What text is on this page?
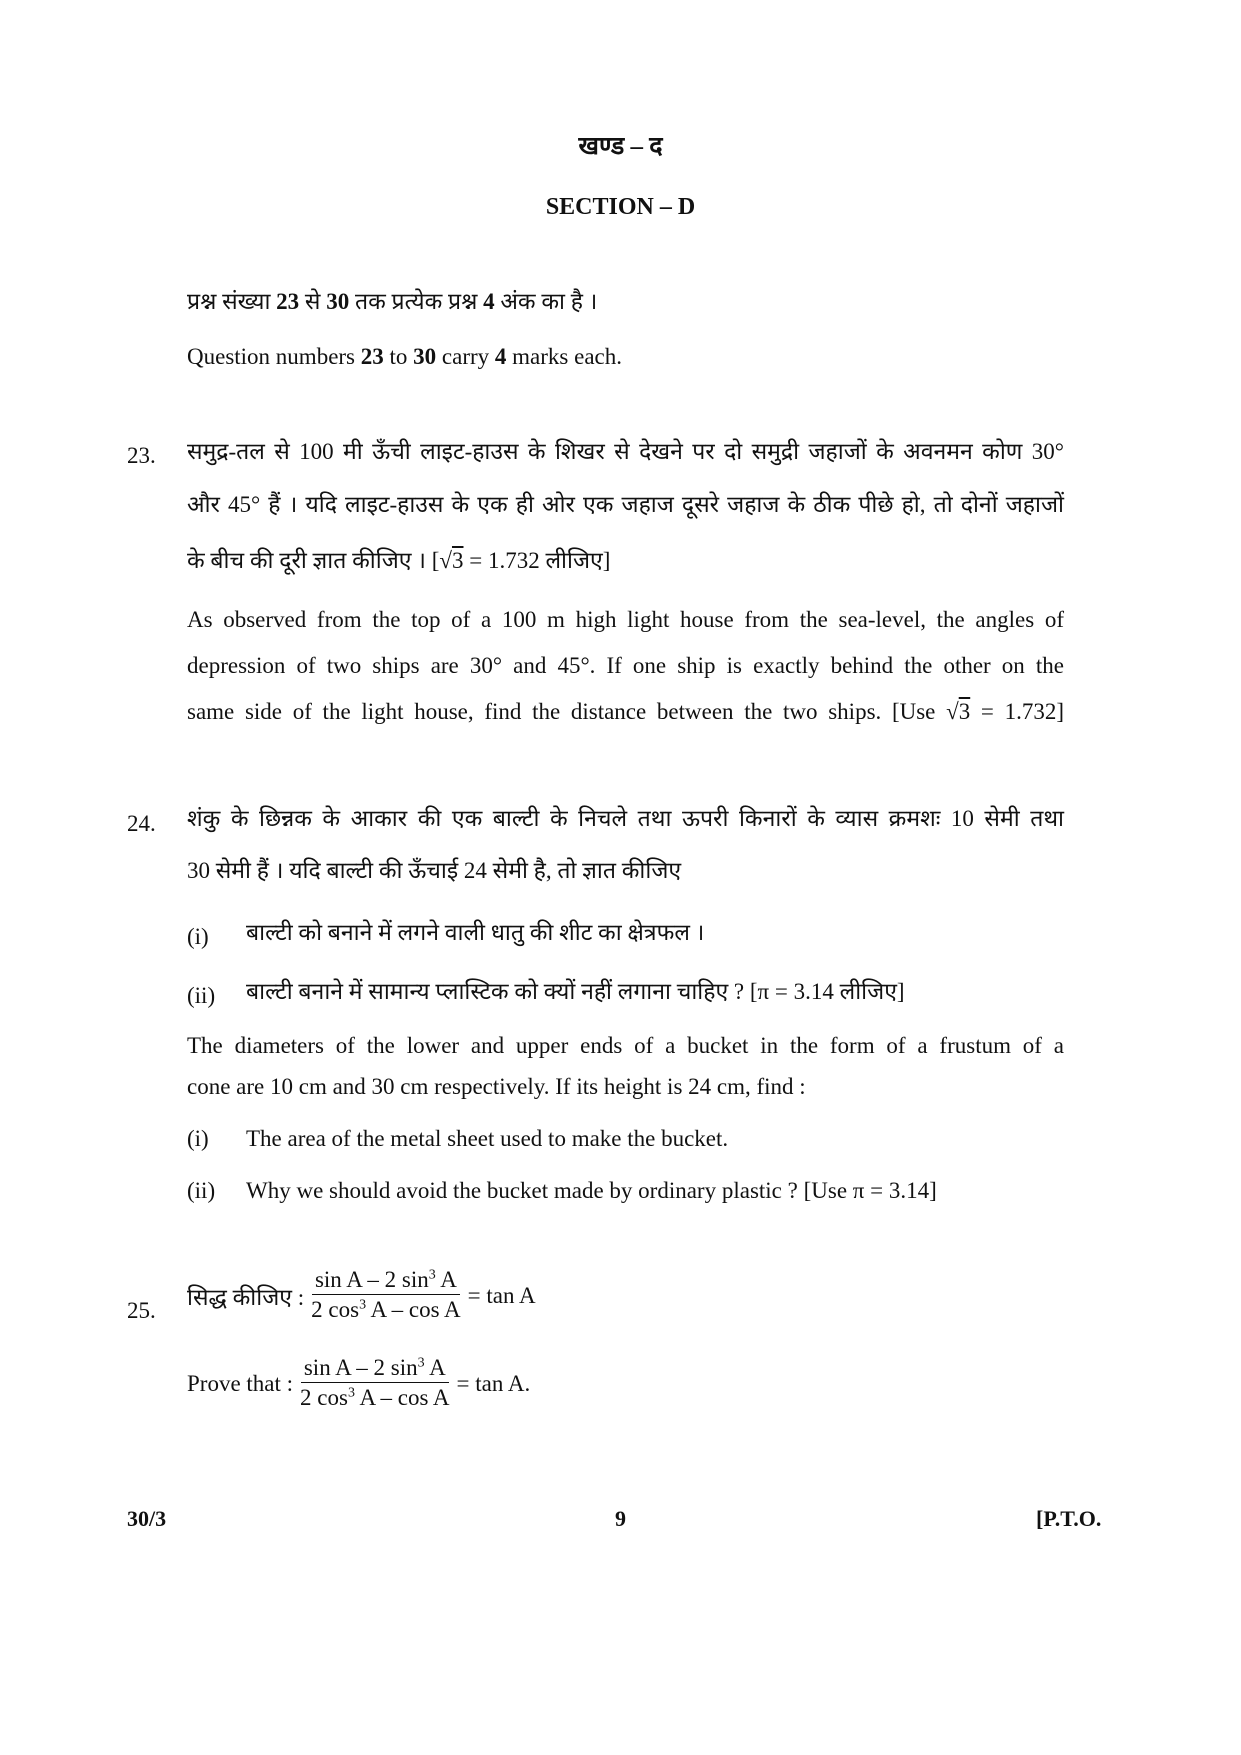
खण्ड – द
SECTION – D
प्रश्न संख्या 23 से 30 तक प्रत्येक प्रश्न 4 अंक का है ।
Question numbers 23 to 30 carry 4 marks each.
23. समुद्र-तल से 100 मी ऊँची लाइट-हाउस के शिखर से देखने पर दो समुद्री जहाजों के अवनमन कोण 30°
और 45° हैं । यदि लाइट-हाउस के एक ही ओर एक जहाज दूसरे जहाज के ठीक पीछे हो, तो दोनों जहाजों
के बीच की दूरी ज्ञात कीजिए । [√3 = 1.732 लीजिए]
As observed from the top of a 100 m high light house from the sea-level, the angles of
depression of two ships are 30° and 45°. If one ship is exactly behind the other on the
same side of the light house, find the distance between the two ships. [Use √3 = 1.732]
24. शंकु के छिन्नक के आकार की एक बाल्टी के निचले तथा ऊपरी किनारों के व्यास क्रमशः 10 सेमी तथा
30 सेमी हैं । यदि बाल्टी की ऊँचाई 24 सेमी है, तो ज्ञात कीजिए
(i) बाल्टी को बनाने में लगने वाली धातु की शीट का क्षेत्रफल ।
(ii) बाल्टी बनाने में सामान्य प्लास्टिक को क्यों नहीं लगाना चाहिए ? [π = 3.14 लीजिए]
The diameters of the lower and upper ends of a bucket in the form of a frustum of a
cone are 10 cm and 30 cm respectively. If its height is 24 cm, find :
(i) The area of the metal sheet used to make the bucket.
(ii) Why we should avoid the bucket made by ordinary plastic ? [Use π = 3.14]
25.
सिद्ध कीजिए : $\frac{\sin A - 2 \sin^3 A}{2 \cos^3 A - \cos A} = \tan A$
Prove that : $\frac{\sin A - 2 \sin^3 A}{2 \cos^3 A - \cos A} = \tan A$.
30/3	9	[P.T.O.
